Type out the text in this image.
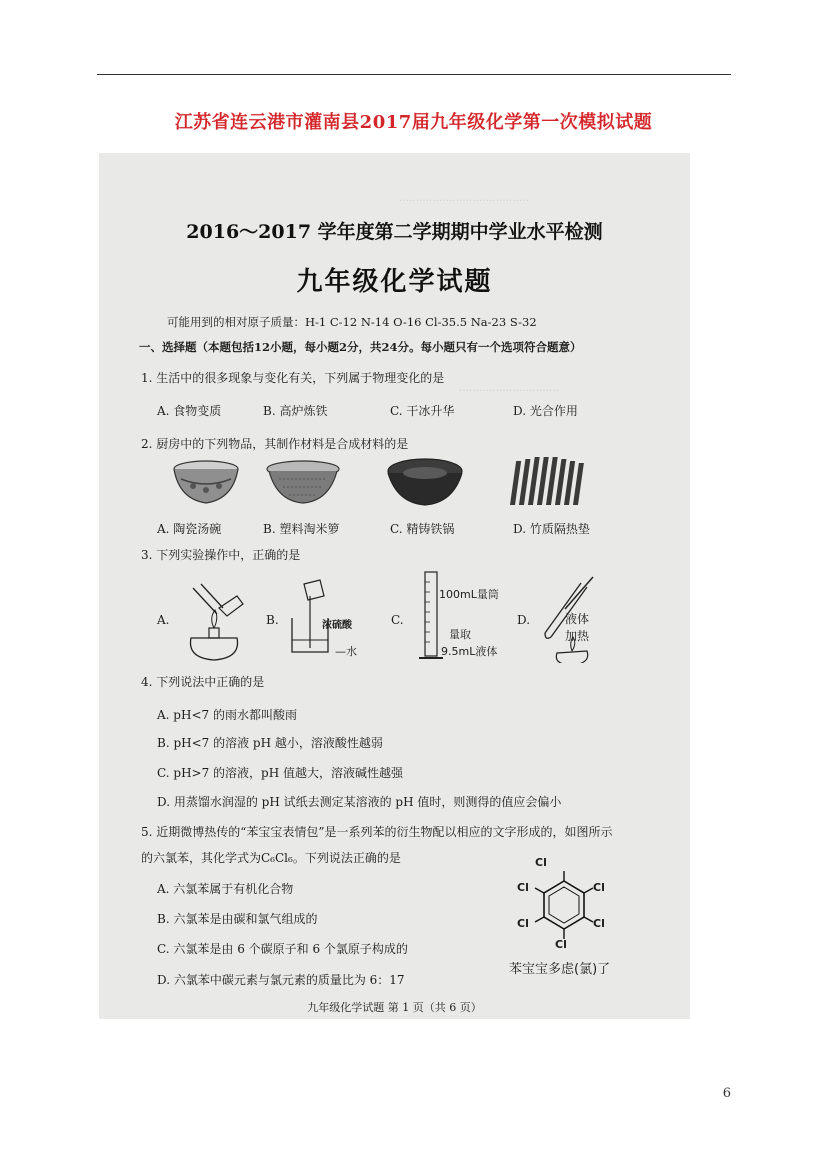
江苏省连云港市灌南县2017届九年级化学第一次模拟试题
…………………………………
…………………………
2016～2017 学年度第二学期期中学业水平检测
九年级化学试题
可能用到的相对原子质量：H-1 C-12 N-14 O-16 Cl-35.5 Na-23 S-32
一、选择题（本题包括12小题，每小题2分，共24分。每小题只有一个选项符合题意）
1. 生活中的很多现象与变化有关，下列属于物理变化的是
A. 食物变质	B. 高炉炼铁	C. 干冰升华	D. 光合作用
2. 厨房中的下列物品，其制作材料是合成材料的是
A. 陶瓷汤碗	B. 塑料淘米箩	C. 精铸铁锅	D. 竹质隔热垫
3. 下列实验操作中，正确的是
A.	B.	浓硫酸
—水
C.
100mL量筒
量取
9.5mL液体
D.	液体
加热
4. 下列说法中正确的是
A. pH<7 的雨水都叫酸雨
B. pH<7 的溶液 pH 越小，溶液酸性越弱
C. pH>7 的溶液，pH 值越大，溶液碱性越强
D. 用蒸馏水润湿的 pH 试纸去测定某溶液的 pH 值时，则测得的值应会偏小
5. 近期微博热传的“苯宝宝表情包”是一系列苯的衍生物配以相应的文字形成的，如图所示
的六氯苯，其化学式为C₆Cl₆。下列说法正确的是
A. 六氯苯属于有机化合物
B. 六氯苯是由碳和氯气组成的
C. 六氯苯是由 6 个碳原子和 6 个氯原子构成的
D. 六氯苯中碳元素与氯元素的质量比为 6：17
Cl
Cl
Cl
Cl
Cl
Cl
苯宝宝多虑(氯)了
九年级化学试题 第 1 页（共 6 页）
6
